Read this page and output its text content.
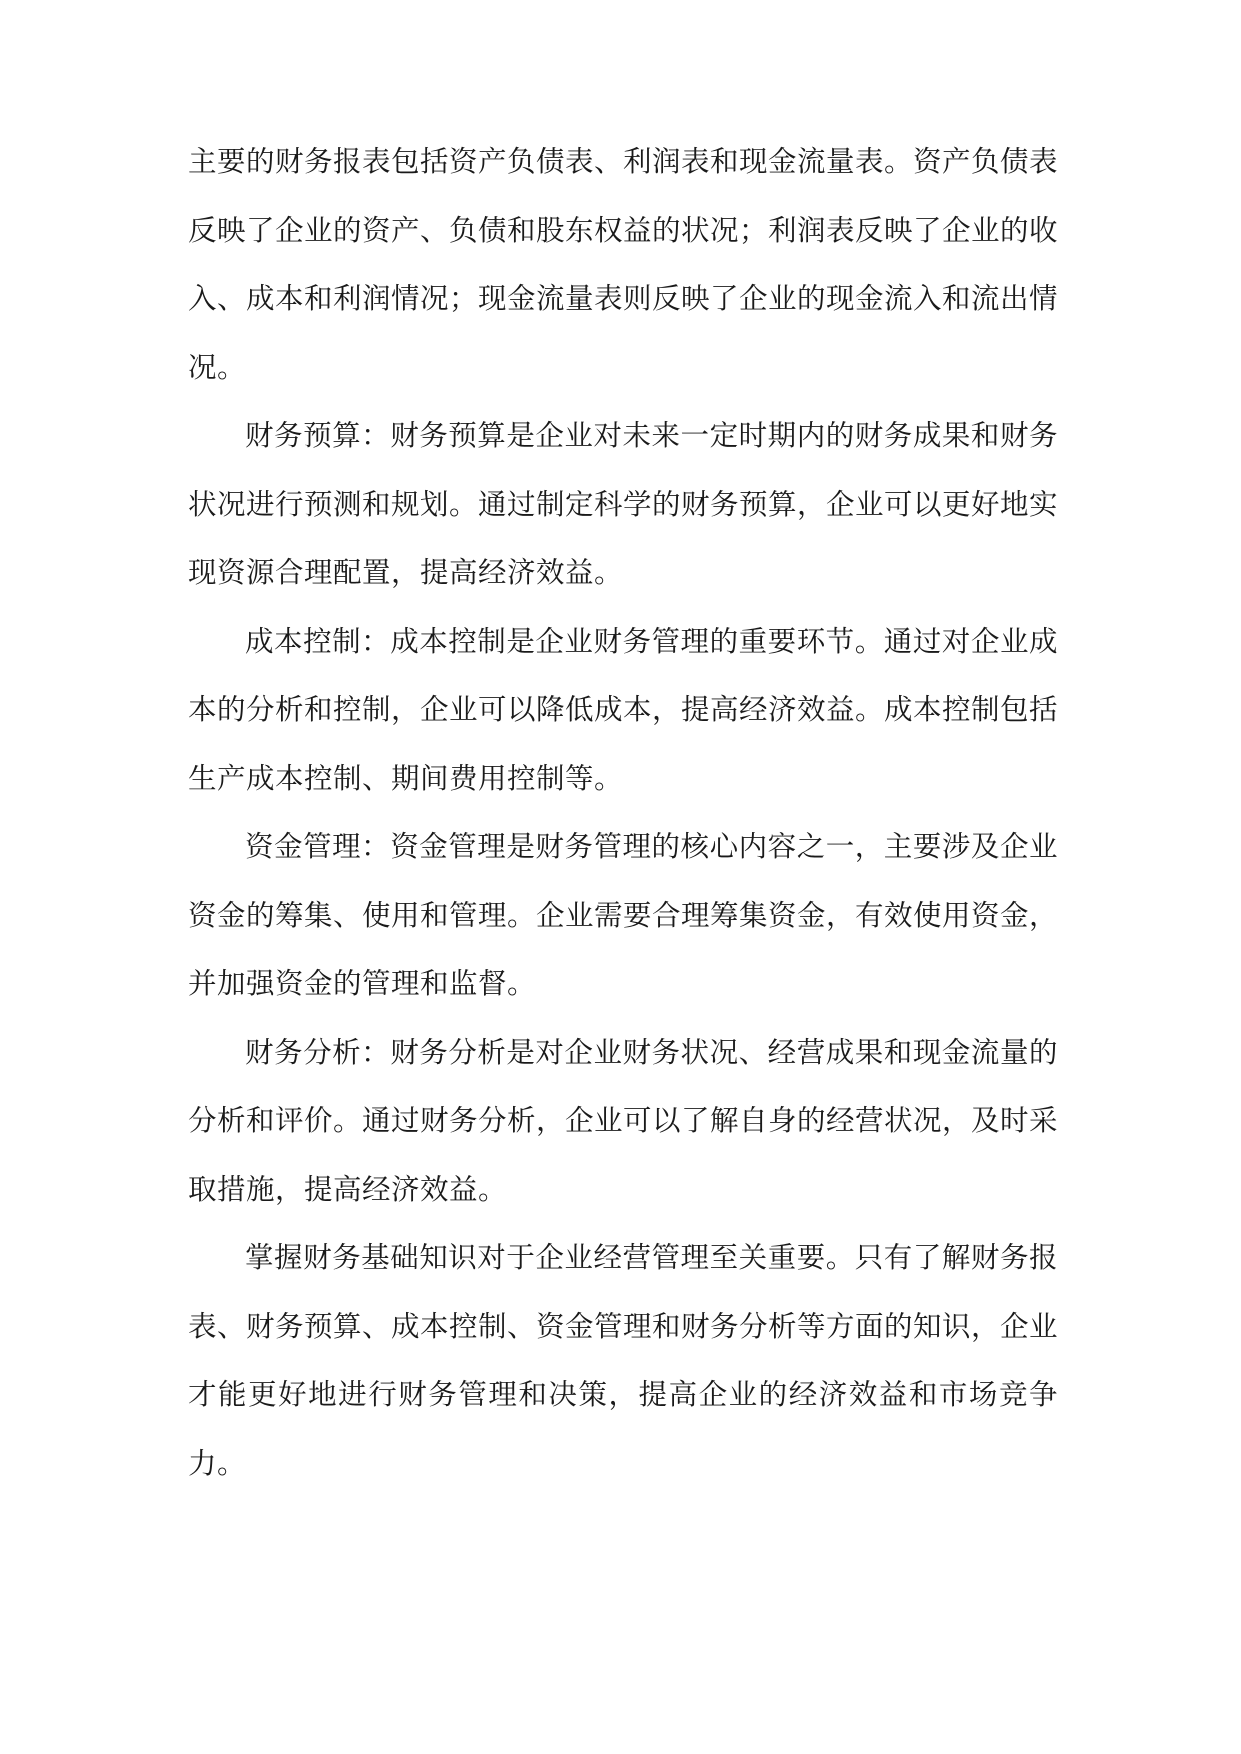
主要的财务报表包括资产负债表、利润表和现金流量表。资产负债表反映了企业的资产、负债和股东权益的状况；利润表反映了企业的收入、成本和利润情况；现金流量表则反映了企业的现金流入和流出情况。

财务预算：财务预算是企业对未来一定时期内的财务成果和财务状况进行预测和规划。通过制定科学的财务预算，企业可以更好地实现资源合理配置，提高经济效益。

成本控制：成本控制是企业财务管理的重要环节。通过对企业成本的分析和控制，企业可以降低成本，提高经济效益。成本控制包括生产成本控制、期间费用控制等。

资金管理：资金管理是财务管理的核心内容之一，主要涉及企业资金的筹集、使用和管理。企业需要合理筹集资金，有效使用资金，并加强资金的管理和监督。

财务分析：财务分析是对企业财务状况、经营成果和现金流量的分析和评价。通过财务分析，企业可以了解自身的经营状况，及时采取措施，提高经济效益。

掌握财务基础知识对于企业经营管理至关重要。只有了解财务报表、财务预算、成本控制、资金管理和财务分析等方面的知识，企业才能更好地进行财务管理和决策，提高企业的经济效益和市场竞争力。
